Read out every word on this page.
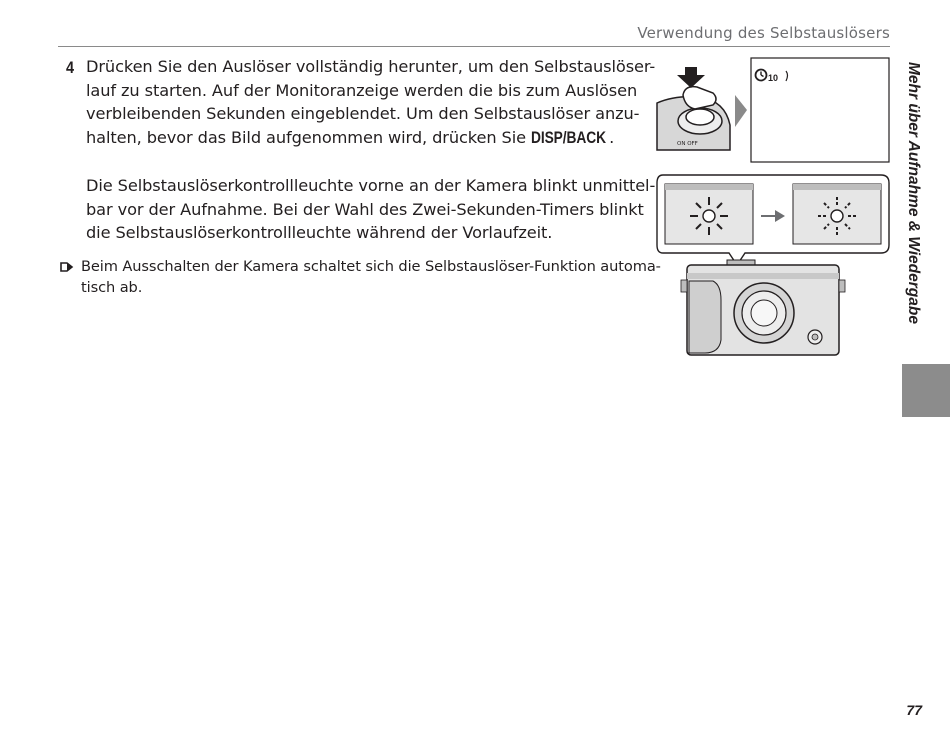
Verwendung des Selbstauslösers
4 Drücken Sie den Auslöser vollständig herunter, um den Selbstauslöser-
lauf zu starten. Auf der Monitoranzeige werden die bis zum Auslösen
verbleibenden Sekunden eingeblendet. Um den Selbstauslöser anzu-
halten, bevor das Bild aufgenommen wird, drücken Sie DISP/BACK .

Die Selbstauslöserkontrollleuchte vorne an der Kamera blinkt unmittel-
bar vor der Aufnahme. Bei der Wahl des Zwei-Sekunden-Timers blinkt
die Selbstauslöserkontrollleuchte während der Vorlaufzeit.

Beim Ausschalten der Kamera schaltet sich die Selbstauslöser-Funktion automa-
tisch ab.

ON OFF
10	Mehr über Aufnahme & Wiedergabe
77
